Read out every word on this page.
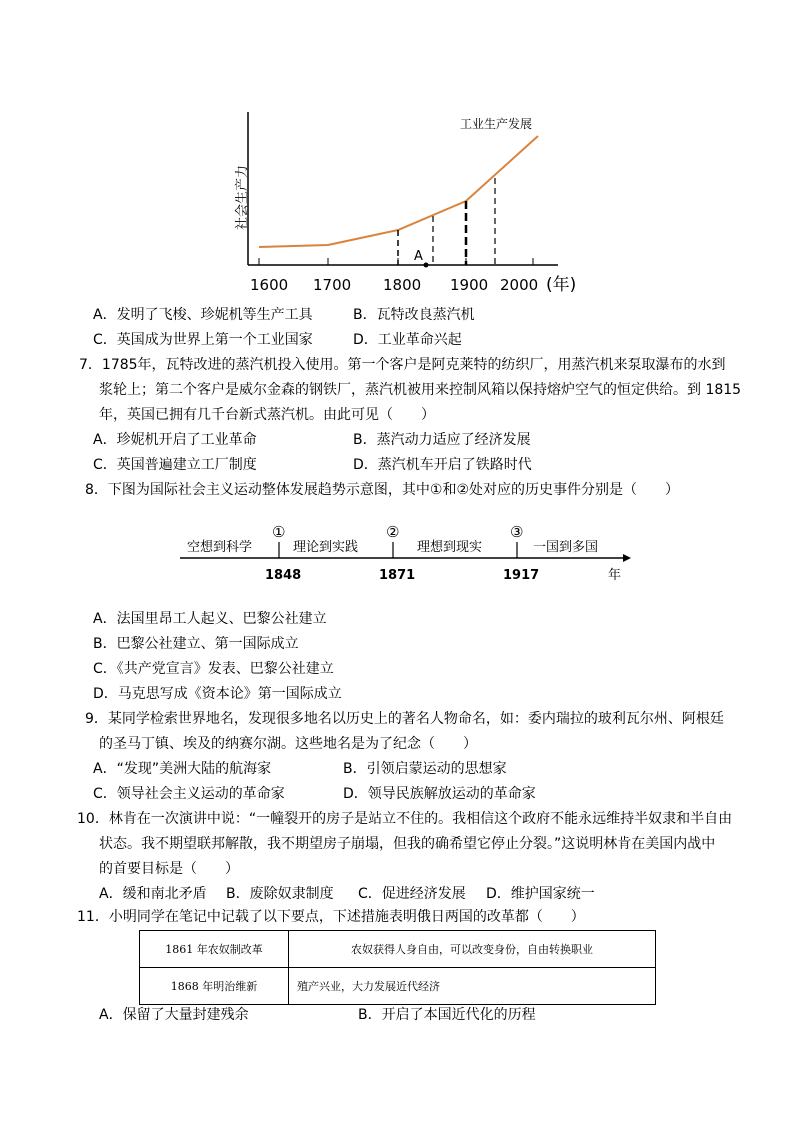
社会生产力
工业生产发展
A
1600 1700 1800 1900 2000 (年)
A．发明了飞梭、珍妮机等生产工具	B．瓦特改良蒸汽机
C．英国成为世界上第一个工业国家	D．工业革命兴起
7．1785年，瓦特改进的蒸汽机投入使用。第一个客户是阿克莱特的纺织厂，用蒸汽机来泵取瀑布的水到
浆轮上；第二个客户是威尔金森的钢铁厂，蒸汽机被用来控制风箱以保持熔炉空气的恒定供给。到 1815
年，英国已拥有几千台新式蒸汽机。由此可见（　　）
A．珍妮机开启了工业革命	B．蒸汽动力适应了经济发展
C．英国普遍建立工厂制度	D．蒸汽机车开启了铁路时代
8．下图为国际社会主义运动整体发展趋势示意图，其中①和②处对应的历史事件分别是（　　）
空想到科学	理论到实践	理想到现实	一国到多国
①	②	③
1848	1871	1917	年
A．法国里昂工人起义、巴黎公社建立
B．巴黎公社建立、第一国际成立
C．《共产党宣言》发表、巴黎公社建立
D．马克思写成《资本论》第一国际成立
9．某同学检索世界地名，发现很多地名以历史上的著名人物命名，如：委内瑞拉的玻利瓦尔州、阿根廷
的圣马丁镇、埃及的纳赛尔湖。这些地名是为了纪念（　　）
A．“发现”美洲大陆的航海家	B．引领启蒙运动的思想家
C．领导社会主义运动的革命家	D．领导民族解放运动的革命家
10．林肯在一次演讲中说：“一幢裂开的房子是站立不住的。我相信这个政府不能永远维持半奴隶和半自由
状态。我不期望联邦解散，我不期望房子崩塌，但我的确希望它停止分裂。”这说明林肯在美国内战中
的首要目标是（　　）
A．缓和南北矛盾 B．废除奴隶制度 C．促进经济发展 D．维护国家统一
11．小明同学在笔记中记载了以下要点，下述措施表明俄日两国的改革都（　　）
1861 年农奴制改革	农奴获得人身自由，可以改变身份，自由转换职业
1868 年明治维新	殖产兴业，大力发展近代经济
A．保留了大量封建残余	B．开启了本国近代化的历程
